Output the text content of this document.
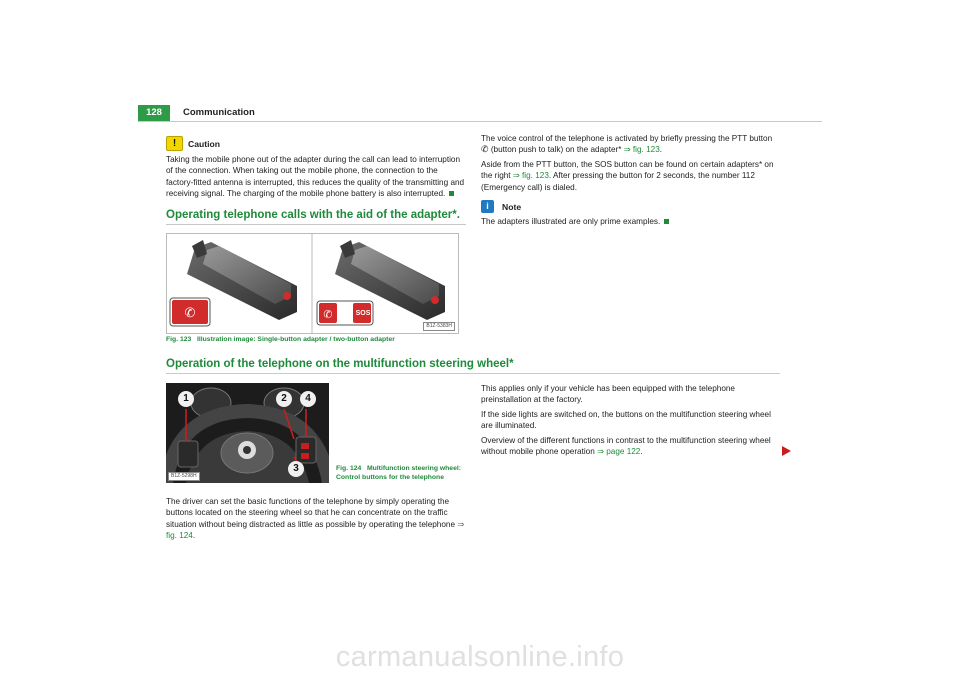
128	Communication
!	Caution

Taking the mobile phone out of the adapter during the call can lead to interruption of the connection. When taking out the mobile phone, the connection to the factory-fitted antenna is interrupted, this reduces the quality of the transmitting and receiving signal. The charging of the mobile phone battery is also interrupted.

Operating telephone calls with the aid of the adapter*.
✆	✆	SOS
B1Z-5383H
Fig. 123 Illustration image: Single-button adapter / two-button adapter

The voice control of the telephone is activated by briefly pressing the PTT button ✆ (button push to talk) on the adapter* ⇒ fig. 123.

Aside from the PTT button, the SOS button can be found on certain adapters* on the right ⇒ fig. 123. After pressing the button for 2 seconds, the number 112 (Emergency call) is dialed.

i	Note

The adapters illustrated are only prime examples.

Operation of the telephone on the multifunction steering wheel*
1	2	4
3
B1Z-5298H
Fig. 124 Multifunction steering wheel: Control buttons for the telephone

The driver can set the basic functions of the telephone by simply operating the buttons located on the steering wheel so that he can concentrate on the traffic situation without being distracted as little as possible by operating the telephone ⇒ fig. 124.

This applies only if your vehicle has been equipped with the telephone preinstallation at the factory.

If the side lights are switched on, the buttons on the multifunction steering wheel are illuminated.

Overview of the different functions in contrast to the multifunction steering wheel without mobile phone operation ⇒ page 122.

carmanualsonline.info
